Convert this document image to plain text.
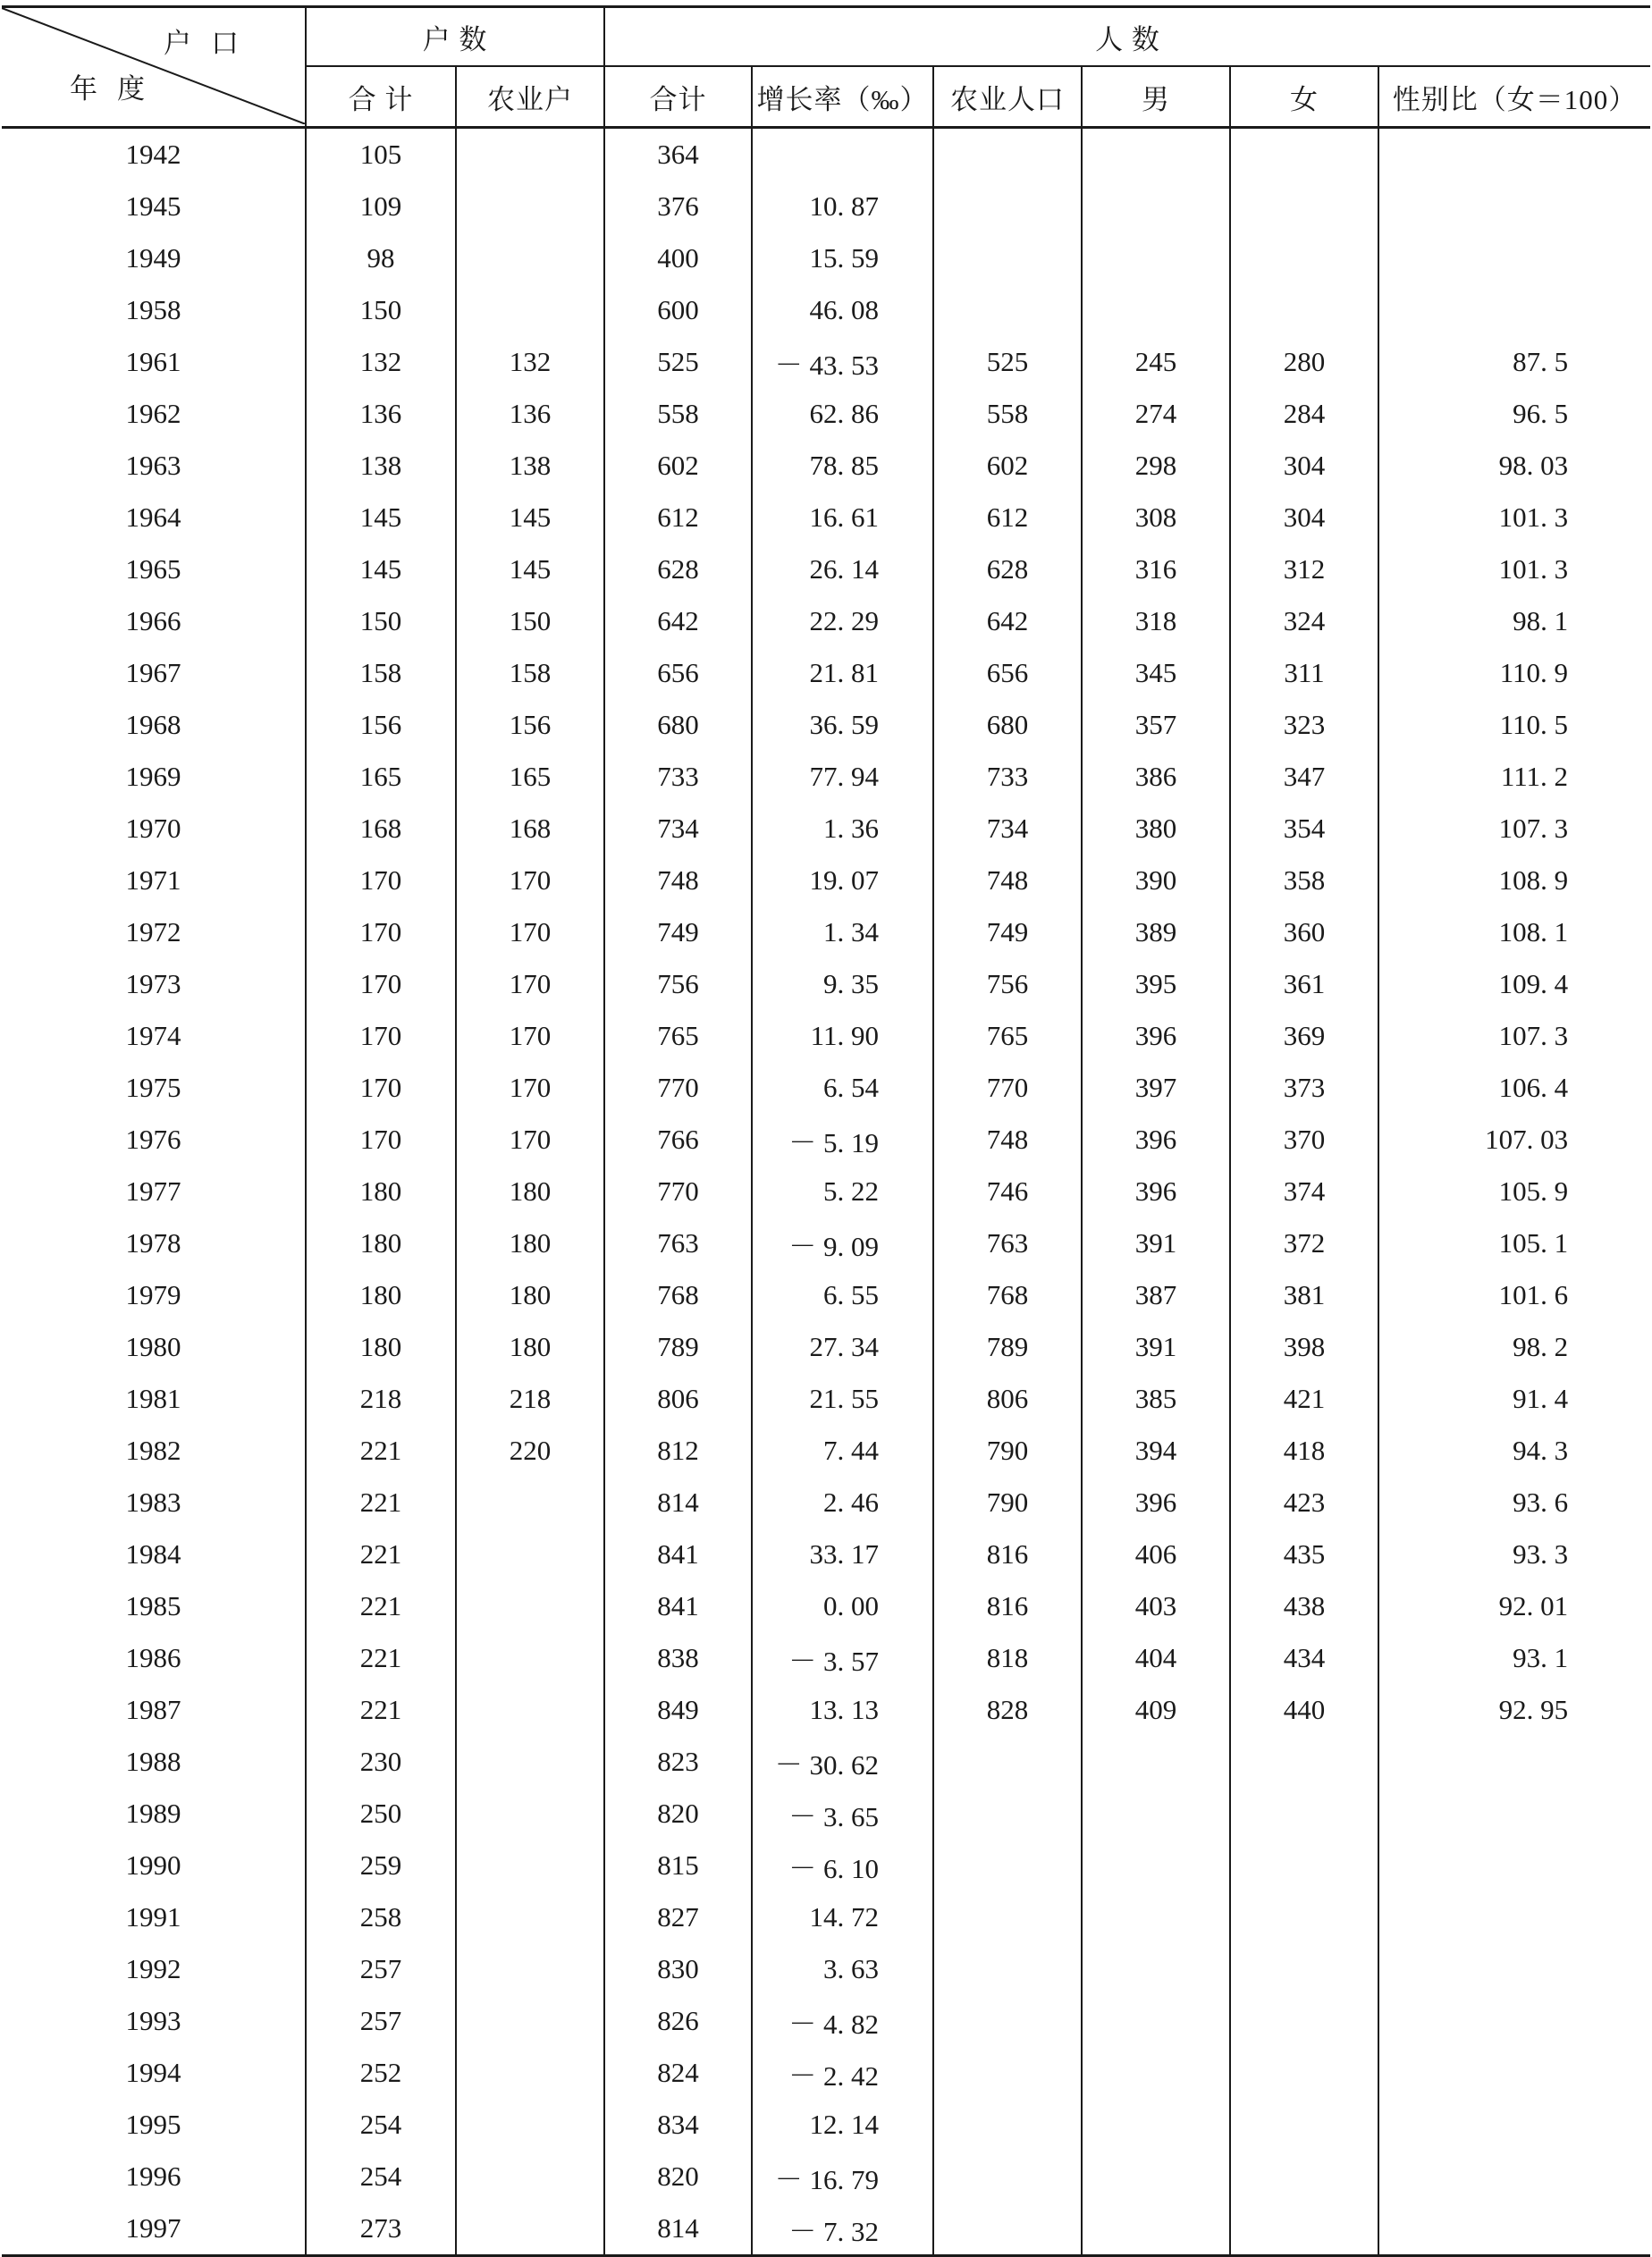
户口
年度	户 数		人 数					
	合 计	农业户	合计	增长率（‰）	农业人口	男	女	性别比（女＝100）
1942	105		364					
1945	109		376	10. 87				
1949	98		400	15. 59				
1958	150		600	46. 08				
1961	132	132	525	－ 43. 53	525	245	280	87. 5
1962	136	136	558	62. 86	558	274	284	96. 5
1963	138	138	602	78. 85	602	298	304	98. 03
1964	145	145	612	16. 61	612	308	304	101. 3
1965	145	145	628	26. 14	628	316	312	101. 3
1966	150	150	642	22. 29	642	318	324	98. 1
1967	158	158	656	21. 81	656	345	311	110. 9
1968	156	156	680	36. 59	680	357	323	110. 5
1969	165	165	733	77. 94	733	386	347	111. 2
1970	168	168	734	1. 36	734	380	354	107. 3
1971	170	170	748	19. 07	748	390	358	108. 9
1972	170	170	749	1. 34	749	389	360	108. 1
1973	170	170	756	9. 35	756	395	361	109. 4
1974	170	170	765	11. 90	765	396	369	107. 3
1975	170	170	770	6. 54	770	397	373	106. 4
1976	170	170	766	－ 5. 19	748	396	370	107. 03
1977	180	180	770	5. 22	746	396	374	105. 9
1978	180	180	763	－ 9. 09	763	391	372	105. 1
1979	180	180	768	6. 55	768	387	381	101. 6
1980	180	180	789	27. 34	789	391	398	98. 2
1981	218	218	806	21. 55	806	385	421	91. 4
1982	221	220	812	7. 44	790	394	418	94. 3
1983	221		814	2. 46	790	396	423	93. 6
1984	221		841	33. 17	816	406	435	93. 3
1985	221		841	0. 00	816	403	438	92. 01
1986	221		838	－ 3. 57	818	404	434	93. 1
1987	221		849	13. 13	828	409	440	92. 95
1988	230		823	－ 30. 62				
1989	250		820	－ 3. 65				
1990	259		815	－ 6. 10				
1991	258		827	14. 72				
1992	257		830	3. 63				
1993	257		826	－ 4. 82				
1994	252		824	－ 2. 42				
1995	254		834	12. 14				
1996	254		820	－ 16. 79				
1997	273		814	－ 7. 32				
